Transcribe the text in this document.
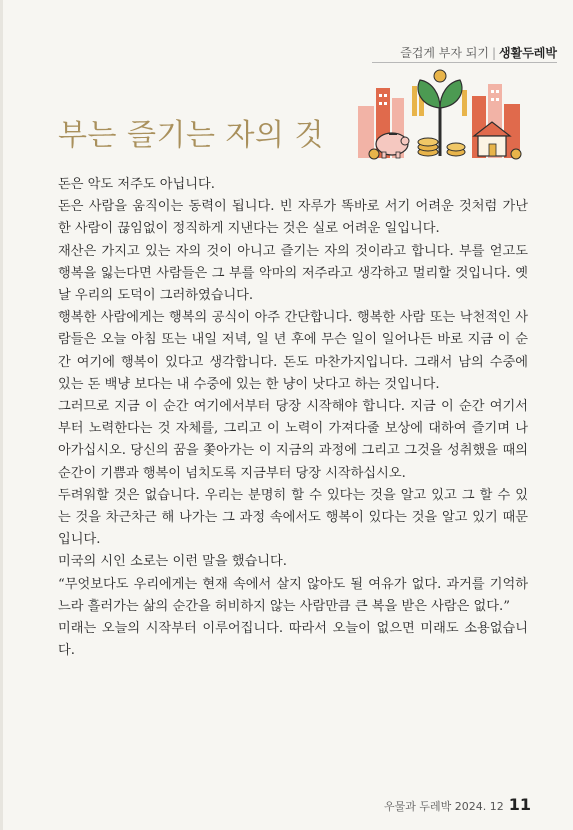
즐겁게 부자 되기 | 생활두레박
부는 즐기는 자의 것

돈은 악도 저주도 아닙니다.

돈은 사람을 움직이는 동력이 됩니다. 빈 자루가 똑바로 서기 어려운 것처럼 가난한 사람이 끊임없이 정직하게 지낸다는 것은 실로 어려운 일입니다.

재산은 가지고 있는 자의 것이 아니고 즐기는 자의 것이라고 합니다. 부를 얻고도 행복을 잃는다면 사람들은 그 부를 악마의 저주라고 생각하고 멀리할 것입니다. 옛날 우리의 도덕이 그러하였습니다.

행복한 사람에게는 행복의 공식이 아주 간단합니다. 행복한 사람 또는 낙천적인 사람들은 오늘 아침 또는 내일 저녁, 일 년 후에 무슨 일이 일어나든 바로 지금 이 순간 여기에 행복이 있다고 생각합니다. 돈도 마찬가지입니다. 그래서 남의 수중에 있는 돈 백냥 보다는 내 수중에 있는 한 냥이 낫다고 하는 것입니다.

그러므로 지금 이 순간 여기에서부터 당장 시작해야 합니다. 지금 이 순간 여기서부터 노력한다는 것 자체를, 그리고 이 노력이 가져다줄 보상에 대하여 즐기며 나아가십시오. 당신의 꿈을 쫓아가는 이 지금의 과정에 그리고 그것을 성취했을 때의 순간이 기쁨과 행복이 넘치도록 지금부터 당장 시작하십시오.

두려워할 것은 없습니다. 우리는 분명히 할 수 있다는 것을 알고 있고 그 할 수 있는 것을 차근차근 해 나가는 그 과정 속에서도 행복이 있다는 것을 알고 있기 때문입니다.

미국의 시인 소로는 이런 말을 했습니다.

“무엇보다도 우리에게는 현재 속에서 살지 않아도 될 여유가 없다. 과거를 기억하느라 흘러가는 삶의 순간을 허비하지 않는 사람만큼 큰 복을 받은 사람은 없다.”

미래는 오늘의 시작부터 이루어집니다. 따라서 오늘이 없으면 미래도 소용없습니다.

우물과 두레박 2024. 12 11
